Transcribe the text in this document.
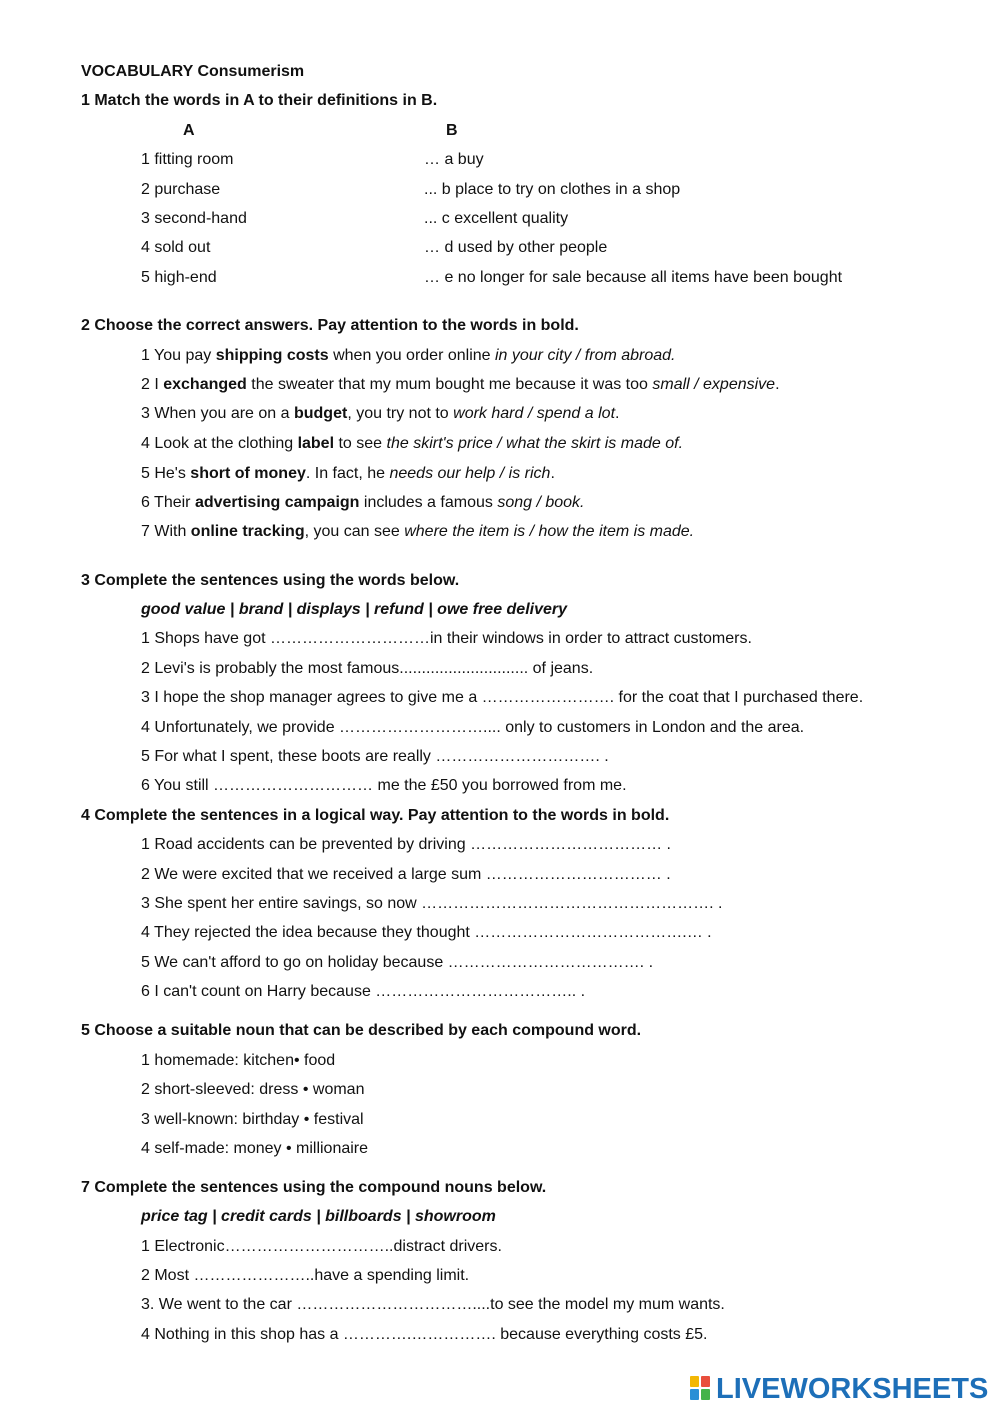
VOCABULARY Consumerism
1 Match the words in A to their definitions in B.
A	B
1 fitting room	… a buy
2 purchase	... b place to try on clothes in a shop
3 second-hand	... c excellent quality
4 sold out	… d used by other people
5 high-end	… e no longer for sale because all items have been bought
2 Choose the correct answers. Pay attention to the words in bold.
1 You pay shipping costs when you order online in your city / from abroad.
2 I exchanged the sweater that my mum bought me because it was too small / expensive.
3 When you are on a budget, you try not to work hard / spend a lot.
4 Look at the clothing label to see the skirt's price / what the skirt is made of.
5 He's short of money. In fact, he needs our help / is rich.
6 Their advertising campaign includes a famous song / book.
7 With online tracking, you can see where the item is / how the item is made.
3 Complete the sentences using the words below.
good value | brand | displays | refund | owe free delivery
1 Shops have got …………………………in their windows in order to attract customers.
2 Levi's is probably the most famous............................. of jeans.
3 I hope the shop manager agrees to give me a ……………………. for the coat that I purchased there.
4 Unfortunately, we provide ……………………….... only to customers in London and the area.
5 For what I spent, these boots are really …………………………. .
6 You still ………………………… me the £50 you borrowed from me.
4 Complete the sentences in a logical way. Pay attention to the words in bold.
1 Road accidents can be prevented by driving ……………………………… .
2 We were excited that we received a large sum …………………………… .
3 She spent her entire savings, so now ………………………………………………. .
4 They rejected the idea because they thought ………………………………….… .
5 We can't afford to go on holiday because ………………………………. .
6 I can't count on Harry because ……………………………….. .
5 Choose a suitable noun that can be described by each compound word.
1 homemade: kitchen• food
2 short-sleeved: dress • woman
3 well-known: birthday • festival
4 self-made: money • millionaire
7 Complete the sentences using the compound nouns below.
price tag | credit cards | billboards | showroom
1 Electronic…………………………..distract drivers.
2 Most …………………..have a spending limit.
3. We went to the car ……………………………....to see the model my mum wants.
4 Nothing in this shop has a ………….……………. because everything costs £5.
LIVEWORKSHEETS
